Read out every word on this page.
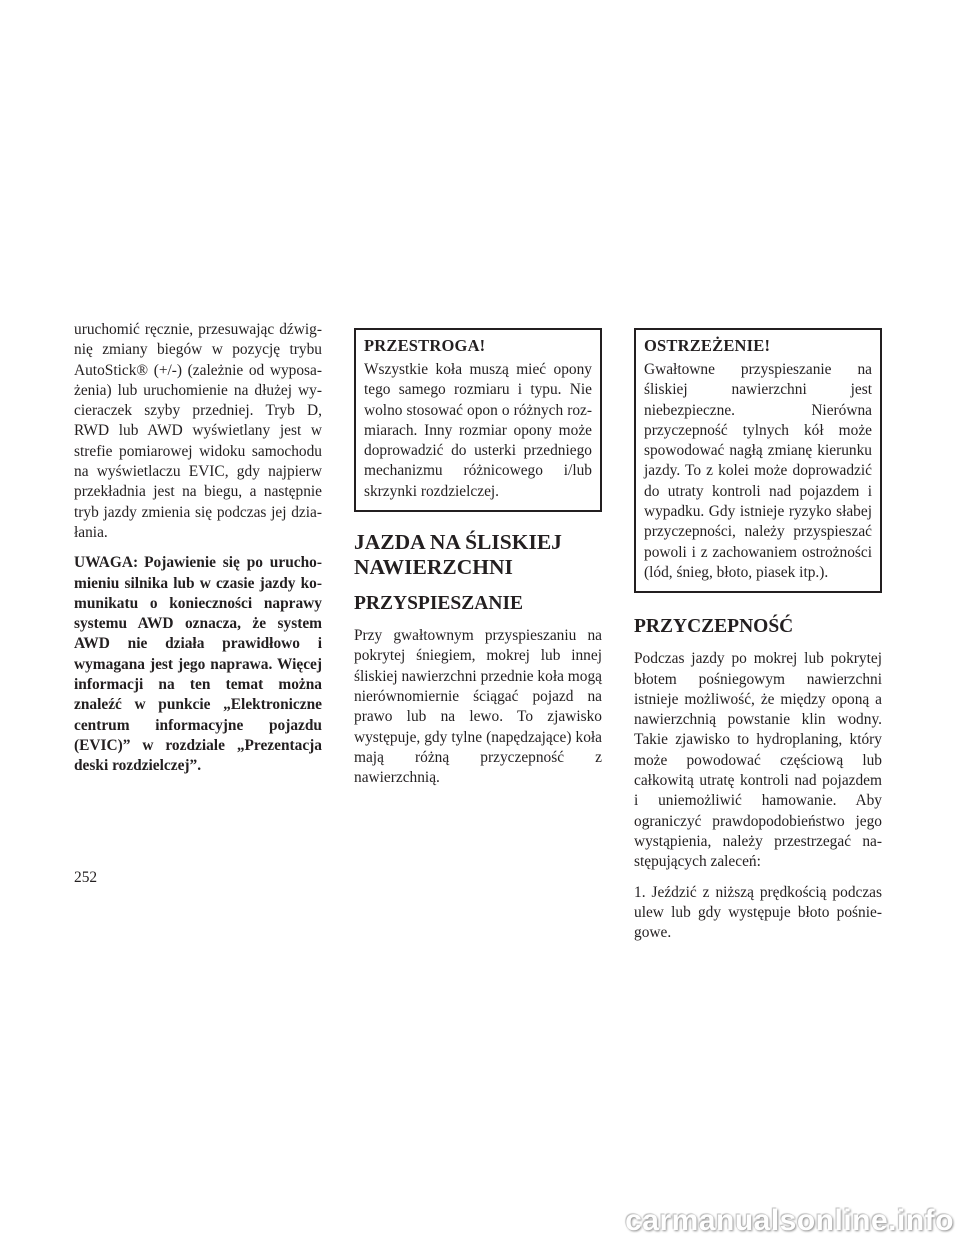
uruchomić ręcznie, przesuwając dźwignię zmiany biegów w pozycję trybu AutoStick® (+/-) (zależnie od wyposażenia) lub uruchomienie na dłużej wycieraczek szyby przedniej. Tryb D, RWD lub AWD wyświetlany jest w strefie pomiarowej widoku samochodu na wyświetlaczu EVIC, gdy najpierw przekładnia jest na biegu, a następnie tryb jazdy zmienia się podczas jej działania.

UWAGA: Pojawienie się po uruchomieniu silnika lub w czasie jazdy komunikatu o konieczności naprawy systemu AWD oznacza, że system AWD nie działa prawidłowo i wymagana jest jego naprawa. Więcej informacji na ten temat można znaleźć w punkcie „Elektroniczne centrum informacyjne pojazdu (EVIC)” w rozdziale „Prezentacja deski rozdzielczej”.

PRZESTROGA!

Wszystkie koła muszą mieć opony tego samego rozmiaru i typu. Nie wolno stosować opon o różnych rozmiarach. Inny rozmiar opony może doprowadzić do usterki przedniego mechanizmu różnicowego i/lub skrzynki rozdzielczej.

JAZDA NA ŚLISKIEJ NAWIERZCHNI
PRZYSPIESZANIE

Przy gwałtownym przyspieszaniu na pokrytej śniegiem, mokrej lub innej śliskiej nawierzchni przednie koła mogą nierównomiernie ściągać pojazd na prawo lub na lewo. To zjawisko występuje, gdy tylne (napędzające) koła mają różną przyczepność z nawierzchnią.

OSTRZEŻENIE!

Gwałtowne przyspieszanie na śliskiej nawierzchni jest niebezpieczne. Nierówna przyczepność tylnych kół może spowodować nagłą zmianę kierunku jazdy. To z kolei może doprowadzić do utraty kontroli nad pojazdem i wypadku. Gdy istnieje ryzyko słabej przyczepności, należy przyspieszać powoli i z zachowaniem ostrożności (lód, śnieg, błoto, piasek itp.).

PRZYCZEPNOŚĆ

Podczas jazdy po mokrej lub pokrytej błotem pośniegowym nawierzchni istnieje możliwość, że między oponą a nawierzchnią powstanie klin wodny. Takie zjawisko to hydroplaning, który może powodować częściową lub całkowitą utratę kontroli nad pojazdem i uniemożliwić hamowanie. Aby ograniczyć prawdopodobieństwo jego wystąpienia, należy przestrzegać następujących zaleceń:

1. Jeździć z niższą prędkością podczas ulew lub gdy występuje błoto pośniegowe.

252

carmanualsonline.info
